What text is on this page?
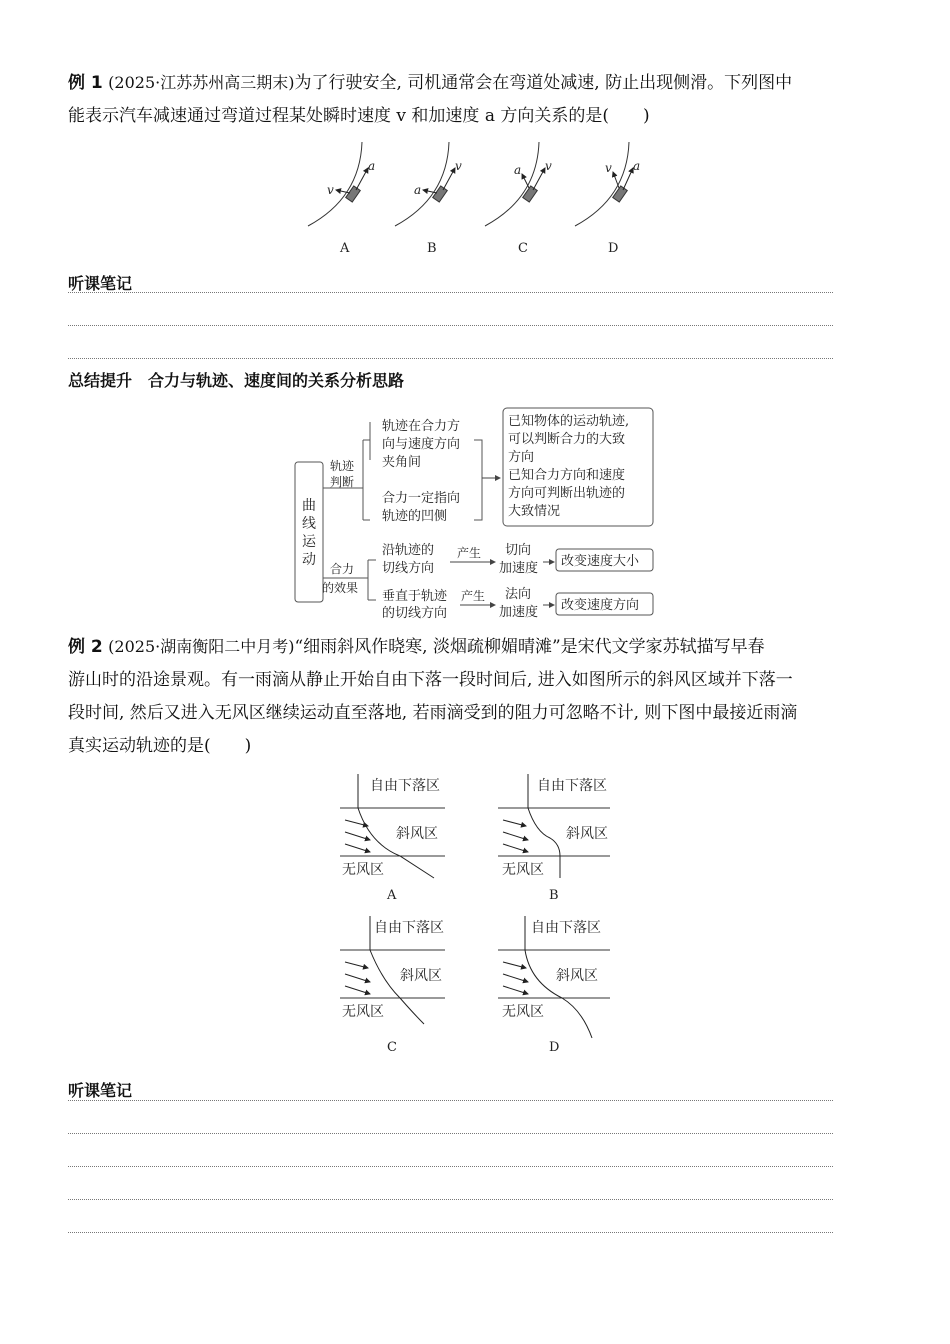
例 1 (2025·江苏苏州高三期末)为了行驶安全, 司机通常会在弯道处减速, 防止出现侧滑。下列图中
能表示汽车减速通过弯道过程某处瞬时速度 v 和加速度 a 方向关系的是(　　)
a
v
A
v
a
B
a v
C
v a
D
听课笔记
总结提升　合力与轨迹、速度间的关系分析思路
曲
线
运
动
轨迹
判断
合力
的效果
轨迹在合力方
向与速度方向
夹角间
合力一定指向
轨迹的凹侧
已知物体的运动轨迹,
可以判断合力的大致
方向
已知合力方向和速度
方向可判断出轨迹的
大致情况
沿轨迹的
切线方向
垂直于轨迹
的切线方向
产生
产生
切向
加速度
法向
加速度
改变速度大小
改变速度方向
例 2 (2025·湖南衡阳二中月考)“细雨斜风作晓寒, 淡烟疏柳媚晴滩”是宋代文学家苏轼描写早春
游山时的沿途景观。有一雨滴从静止开始自由下落一段时间后, 进入如图所示的斜风区域并下落一
段时间, 然后又进入无风区继续运动直至落地, 若雨滴受到的阻力可忽略不计, 则下图中最接近雨滴
真实运动轨迹的是(　　)
自由下落区
斜风区
无风区
A
自由下落区
斜风区
无风区
B
自由下落区
斜风区
无风区
C
自由下落区
斜风区
无风区
D
听课笔记
